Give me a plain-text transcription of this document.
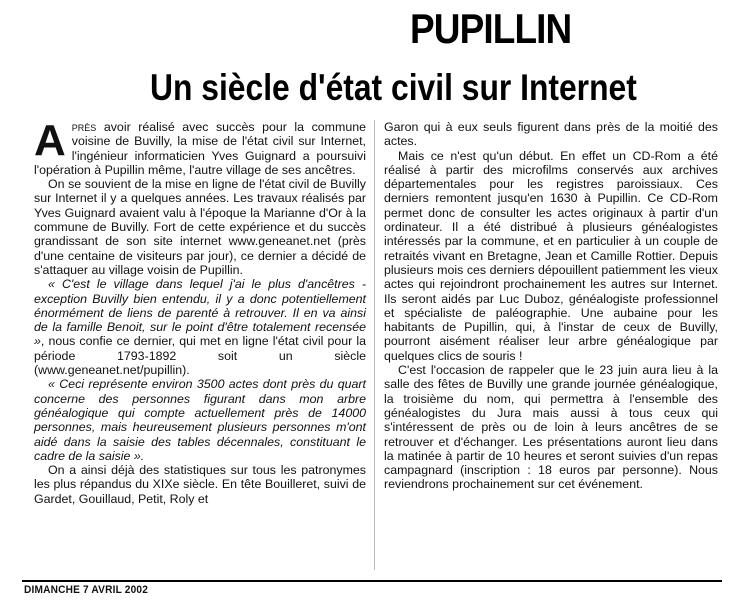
PUPILLIN
Un siècle d'état civil sur Internet

Après avoir réalisé avec succès pour la commune voisine de Buvilly, la mise de l'état civil sur Internet, l'ingénieur informaticien Yves Guignard a poursuivi l'opération à Pupillin même, l'autre village de ses ancêtres.

On se souvient de la mise en ligne de l'état civil de Buvilly sur Internet il y a quelques années. Les travaux réalisés par Yves Guignard avaient valu à l'époque la Marianne d'Or à la commune de Buvilly. Fort de cette expérience et du succès grandissant de son site internet www.geneanet.net (près d'une centaine de visiteurs par jour), ce dernier a décidé de s'attaquer au village voisin de Pupillin.

« C'est le village dans lequel j'ai le plus d'ancêtres - exception Buvilly bien entendu, il y a donc potentiellement énormément de liens de parenté à retrouver. Il en va ainsi de la famille Benoit, sur le point d'être totalement recensée », nous confie ce dernier, qui met en ligne l'état civil pour la période 1793-1892 soit un siècle (www.geneanet.net/pupillin).

« Ceci représente environ 3500 actes dont près du quart concerne des personnes figurant dans mon arbre généalogique qui compte actuellement près de 14000 personnes, mais heureusement plusieurs personnes m'ont aidé dans la saisie des tables décennales, constituant le cadre de la saisie ».

On a ainsi déjà des statistiques sur tous les patronymes les plus répandus du XIXe siècle. En tête Bouilleret, suivi de Gardet, Gouillaud, Petit, Roly et

Garon qui à eux seuls figurent dans près de la moitié des actes.

Mais ce n'est qu'un début. En effet un CD-Rom a été réalisé à partir des microfilms conservés aux archives départementales pour les registres paroissiaux. Ces derniers remontent jusqu'en 1630 à Pupillin. Ce CD-Rom permet donc de consulter les actes originaux à partir d'un ordinateur. Il a été distribué à plusieurs généalogistes intéressés par la commune, et en particulier à un couple de retraités vivant en Bretagne, Jean et Camille Rottier. Depuis plusieurs mois ces derniers dépouillent patiemment les vieux actes qui rejoindront prochainement les autres sur Internet. Ils seront aidés par Luc Duboz, généalogiste professionnel et spécialiste de paléographie. Une aubaine pour les habitants de Pupillin, qui, à l'instar de ceux de Buvilly, pourront aisément réaliser leur arbre généalogique par quelques clics de souris !

C'est l'occasion de rappeler que le 23 juin aura lieu à la salle des fêtes de Buvilly une grande journée généalogique, la troisième du nom, qui permettra à l'ensemble des généalogistes du Jura mais aussi à tous ceux qui s'intéressent de près ou de loin à leurs ancêtres de se retrouver et d'échanger. Les présentations auront lieu dans la matinée à partir de 10 heures et seront suivies d'un repas campagnard (inscription : 18 euros par personne). Nous reviendrons prochainement sur cet événement.

DIMANCHE 7 AVRIL 2002
